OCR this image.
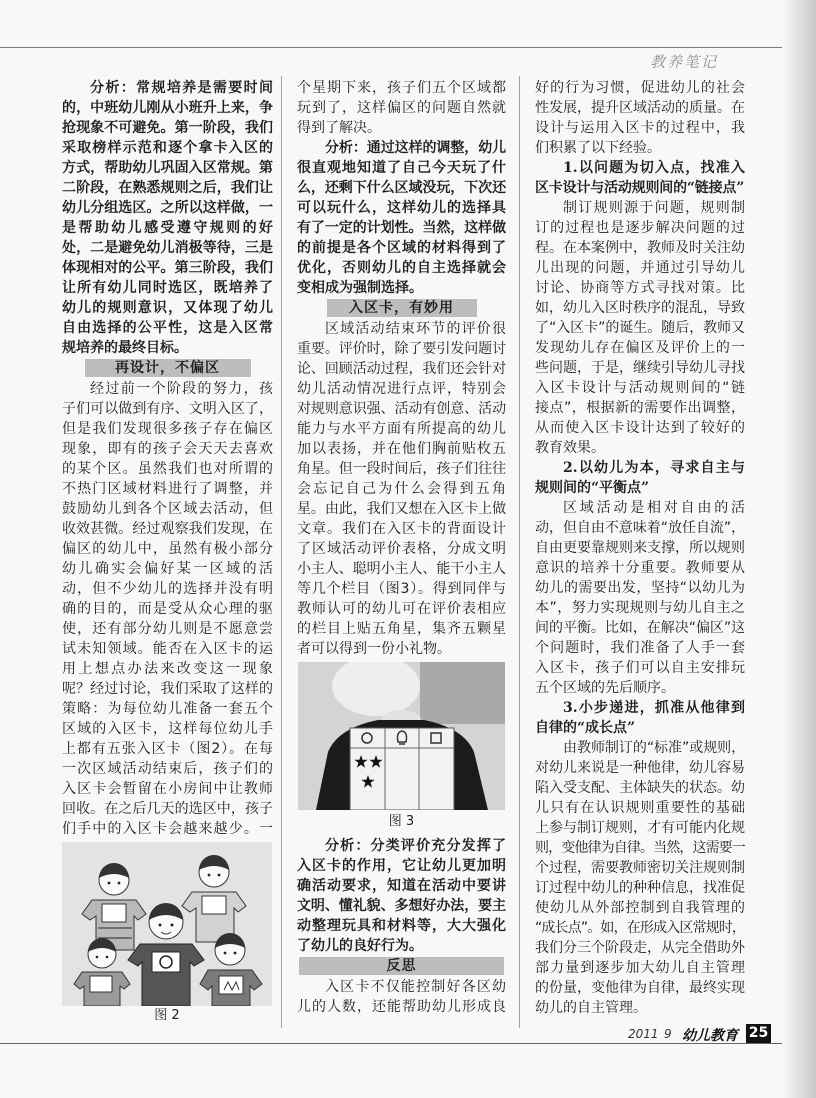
教养笔记
分析：常规培养是需要时间
的，中班幼儿刚从小班升上来，争
抢现象不可避免。第一阶段，我们
采取榜样示范和逐个拿卡入区的
方式，帮助幼儿巩固入区常规。第
二阶段，在熟悉规则之后，我们让
幼儿分组选区。之所以这样做，一
是帮助幼儿感受遵守规则的好
处，二是避免幼儿消极等待，三是
体现相对的公平。第三阶段，我们
让所有幼儿同时选区，既培养了
幼儿的规则意识，又体现了幼儿
自由选择的公平性，这是入区常
规培养的最终目标。
再设计，不偏区
经过前一个阶段的努力，孩
子们可以做到有序、文明入区了，
但是我们发现很多孩子存在偏区
现象，即有的孩子会天天去喜欢
的某个区。虽然我们也对所谓的
不热门区域材料进行了调整，并
鼓励幼儿到各个区域去活动，但
收效甚微。经过观察我们发现，在
偏区的幼儿中，虽然有极小部分
幼儿确实会偏好某一区域的活
动，但不少幼儿的选择并没有明
确的目的，而是受从众心理的驱
使，还有部分幼儿则是不愿意尝
试未知领域。能否在入区卡的运
用上想点办法来改变这一现象
呢？经过讨论，我们采取了这样的
策略：为每位幼儿准备一套五个
区域的入区卡，这样每位幼儿手
上都有五张入区卡（图2）。在每
一次区域活动结束后，孩子们的
入区卡会暂留在小房间中让教师
回收。在之后几天的选区中，孩子
们手中的入区卡会越来越少。一
图 2
个星期下来，孩子们五个区域都
玩到了，这样偏区的问题自然就
得到了解决。
分析：通过这样的调整，幼儿
很直观地知道了自己今天玩了什
么，还剩下什么区域没玩，下次还
可以玩什么，这样幼儿的选择具
有了一定的计划性。当然，这样做
的前提是各个区域的材料得到了
优化，否则幼儿的自主选择就会
变相成为强制选择。
入区卡，有妙用
区域活动结束环节的评价很
重要。评价时，除了要引发问题讨
论、回顾活动过程，我们还会针对
幼儿活动情况进行点评，特别会
对规则意识强、活动有创意、活动
能力与水平方面有所提高的幼儿
加以表扬，并在他们胸前贴枚五
角星。但一段时间后，孩子们往往
会忘记自己为什么会得到五角
星。由此，我们又想在入区卡上做
文章。我们在入区卡的背面设计
了区域活动评价表格，分成文明
小主人、聪明小主人、能干小主人
等几个栏目（图3）。得到同伴与
教师认可的幼儿可在评价表相应
的栏目上贴五角星，集齐五颗星
者可以得到一份小礼物。
图 3
分析：分类评价充分发挥了
入区卡的作用，它让幼儿更加明
确活动要求，知道在活动中要讲
文明、懂礼貌、多想好办法，要主
动整理玩具和材料等，大大强化
了幼儿的良好行为。
反思
入区卡不仅能控制好各区幼
儿的人数，还能帮助幼儿形成良
好的行为习惯，促进幼儿的社会
性发展，提升区域活动的质量。在
设计与运用入区卡的过程中，我
们积累了以下经验。
1.以问题为切入点，找准入
区卡设计与活动规则间的“链接点”
制订规则源于问题，规则制
订的过程也是逐步解决问题的过
程。在本案例中，教师及时关注幼
儿出现的问题，并通过引导幼儿
讨论、协商等方式寻找对策。比
如，幼儿入区时秩序的混乱，导致
了“入区卡”的诞生。随后，教师又
发现幼儿存在偏区及评价上的一
些问题，于是，继续引导幼儿寻找
入区卡设计与活动规则间的“链
接点”，根据新的需要作出调整，
从而使入区卡设计达到了较好的
教育效果。
2.以幼儿为本，寻求自主与
规则间的“平衡点”
区域活动是相对自由的活
动，但自由不意味着“放任自流”，
自由更要靠规则来支撑，所以规则
意识的培养十分重要。教师要从
幼儿的需要出发，坚持“以幼儿为
本”，努力实现规则与幼儿自主之
间的平衡。比如，在解决“偏区”这
个问题时，我们准备了人手一套
入区卡，孩子们可以自主安排玩
五个区域的先后顺序。
3.小步递进，抓准从他律到
自律的“成长点”
由教师制订的“标准”或规则，
对幼儿来说是一种他律，幼儿容易
陷入受支配、主体缺失的状态。幼
儿只有在认识规则重要性的基础
上参与制订规则，才有可能内化规
则，变他律为自律。当然，这需要一
个过程，需要教师密切关注规则制
订过程中幼儿的种种信息，找准促
使幼儿从外部控制到自我管理的
“成长点”。如，在形成入区常规时，
我们分三个阶段走，从完全借助外
部力量到逐步加大幼儿自主管理
的份量，变他律为自律，最终实现
幼儿的自主管理。
2011 9 幼儿教育 25
